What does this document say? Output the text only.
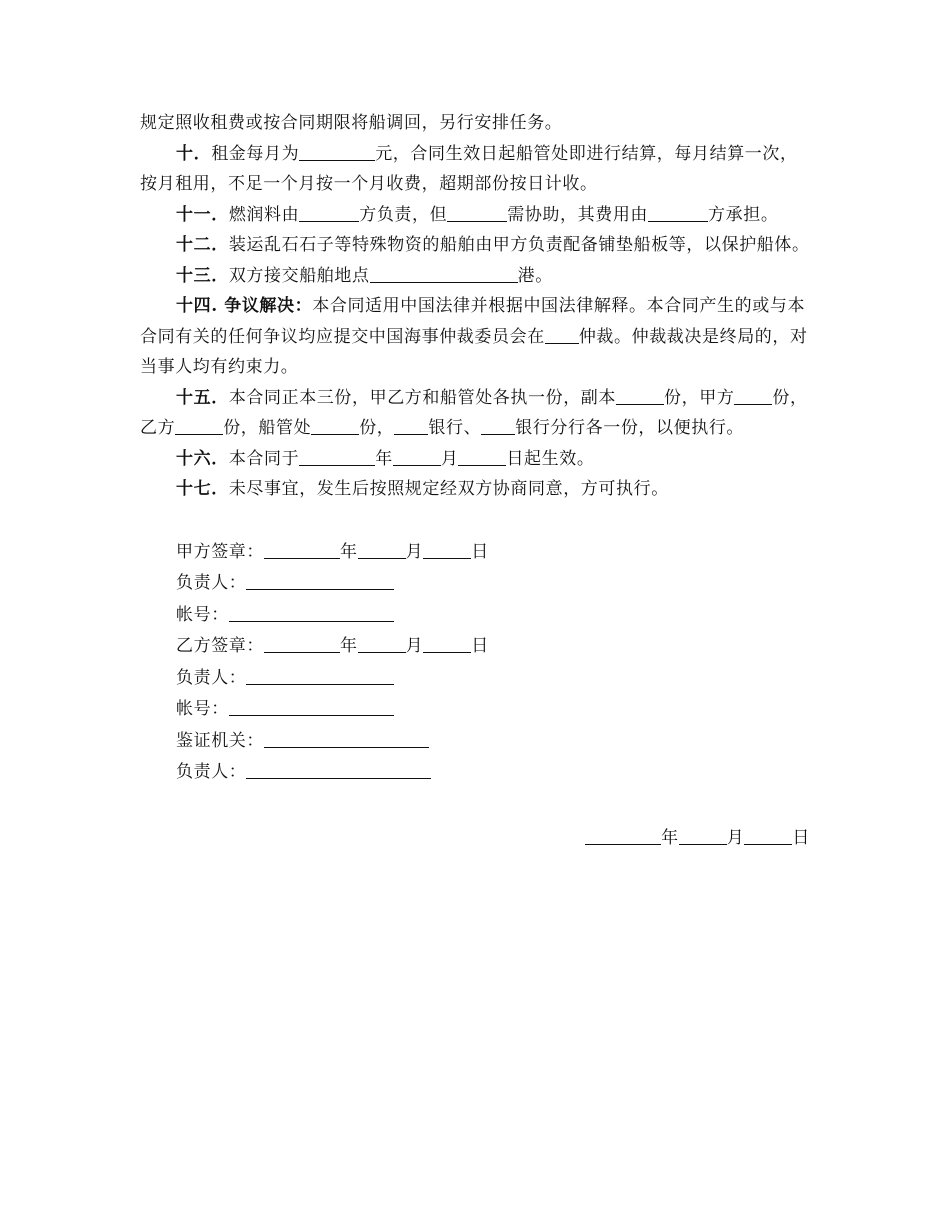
规定照收租费或按合同期限将船调回，另行安排任务。

十．租金每月为	元，合同生效日起船管处即进行结算，每月结算一次，按月租用，不足一个月按一个月收费，超期部份按日计收。

十一．燃润料由	方负责，但	需协助，其费用由	方承担。

十二．装运乱石石子等特殊物资的船舶由甲方负责配备铺垫船板等，以保护船体。

十三．双方接交船舶地点	港。

十四. 争议解决：本合同适用中国法律并根据中国法律解释。本合同产生的或与本合同有关的任何争议均应提交中国海事仲裁委员会在 仲裁。仲裁裁决是终局的，对当事人均有约束力。

十五．本合同正本三份，甲乙方和船管处各执一份，副本	份，甲方 份，乙方	份，船管处	份， 银行、 银行分行各一份，以便执行。

十六．本合同于	年	月	日起生效。

十七．未尽事宜，发生后按照规定经双方协商同意，方可执行。

甲方签章：	年	月	日
负责人：
帐号：
乙方签章：	年	月	日
负责人：
帐号：
鉴证机关：
负责人：
年	月	日
